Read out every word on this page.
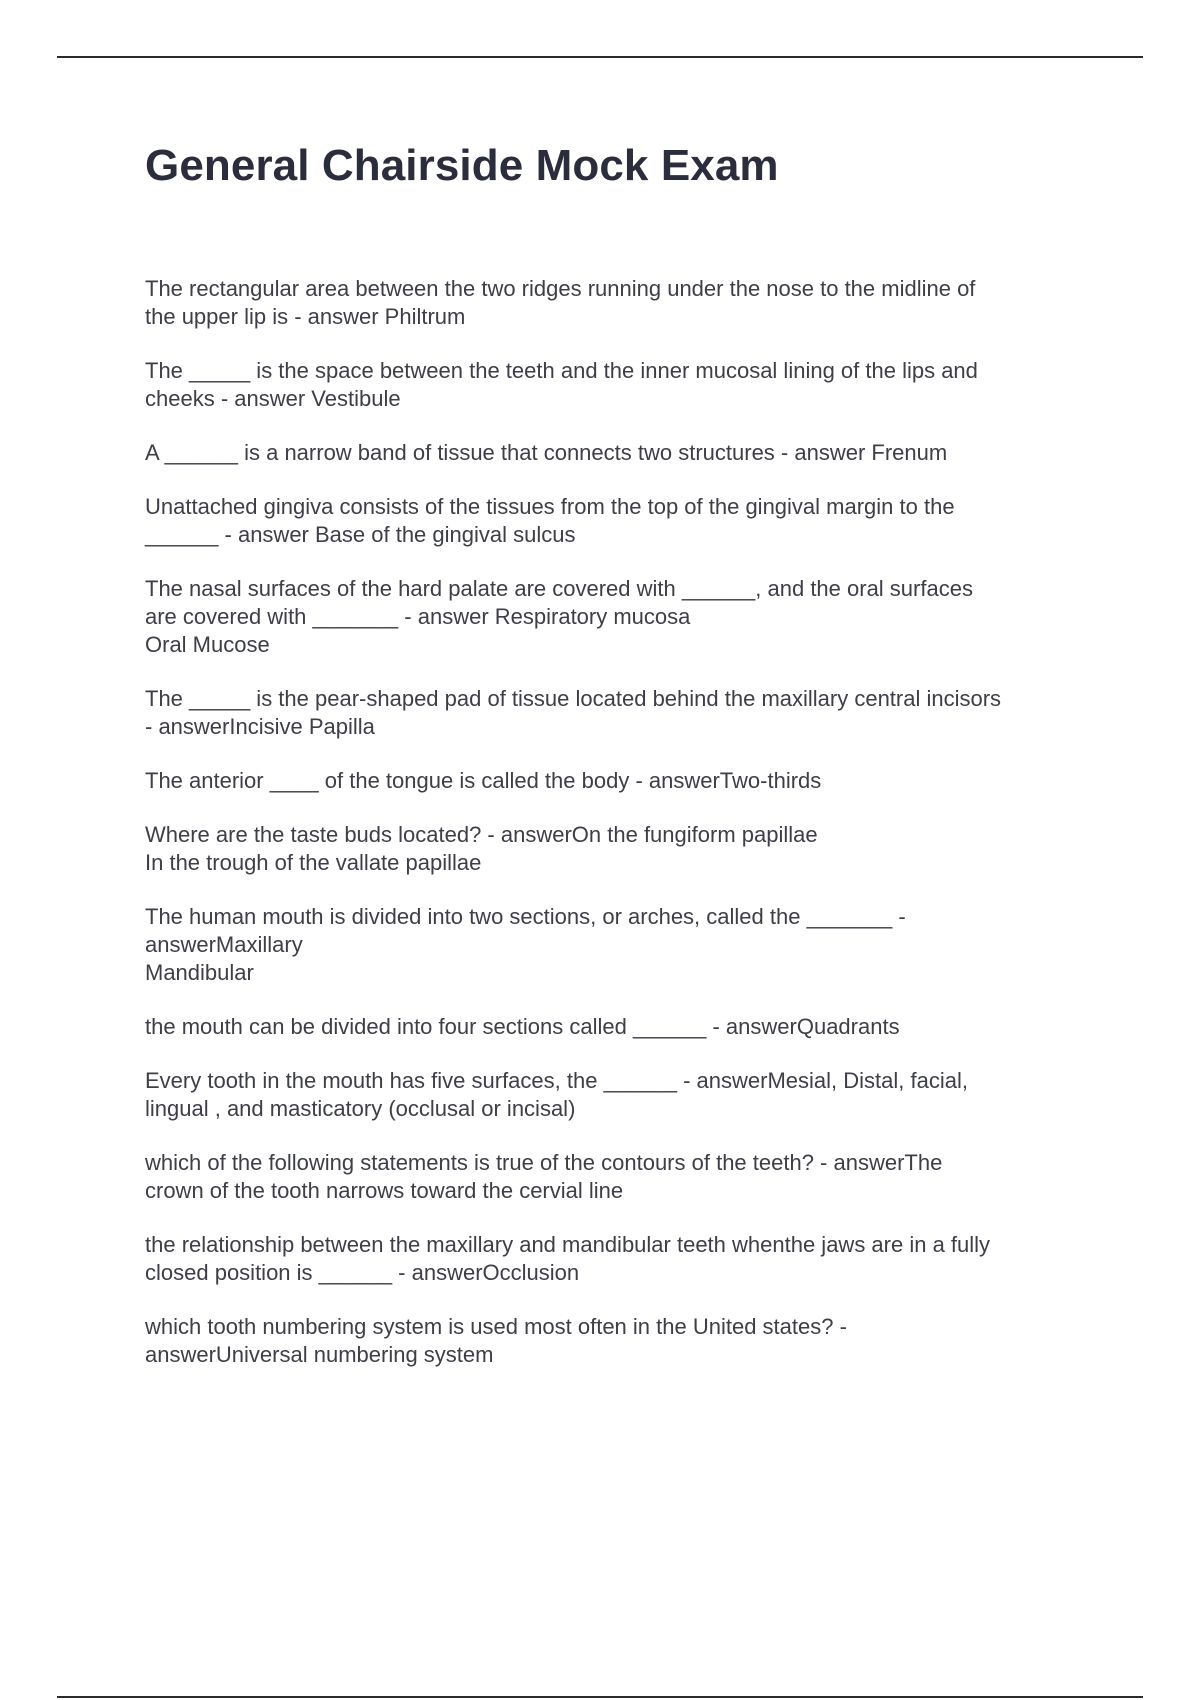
General Chairside Mock Exam

The rectangular area between the two ridges running under the nose to the midline of
the upper lip is - answer Philtrum

The _____ is the space between the teeth and the inner mucosal lining of the lips and
cheeks - answer Vestibule

A ______ is a narrow band of tissue that connects two structures - answer Frenum

Unattached gingiva consists of the tissues from the top of the gingival margin to the
______ - answer Base of the gingival sulcus

The nasal surfaces of the hard palate are covered with ______, and the oral surfaces
are covered with _______ - answer Respiratory mucosa
Oral Mucose

The _____ is the pear-shaped pad of tissue located behind the maxillary central incisors
- answerIncisive Papilla

The anterior ____ of the tongue is called the body - answerTwo-thirds

Where are the taste buds located? - answerOn the fungiform papillae
In the trough of the vallate papillae

The human mouth is divided into two sections, or arches, called the _______ -
answerMaxillary
Mandibular

the mouth can be divided into four sections called ______ - answerQuadrants

Every tooth in the mouth has five surfaces, the ______ - answerMesial, Distal, facial,
lingual , and masticatory (occlusal or incisal)

which of the following statements is true of the contours of the teeth? - answerThe
crown of the tooth narrows toward the cervial line

the relationship between the maxillary and mandibular teeth whenthe jaws are in a fully
closed position is ______ - answerOcclusion

which tooth numbering system is used most often in the United states? -
answerUniversal numbering system
